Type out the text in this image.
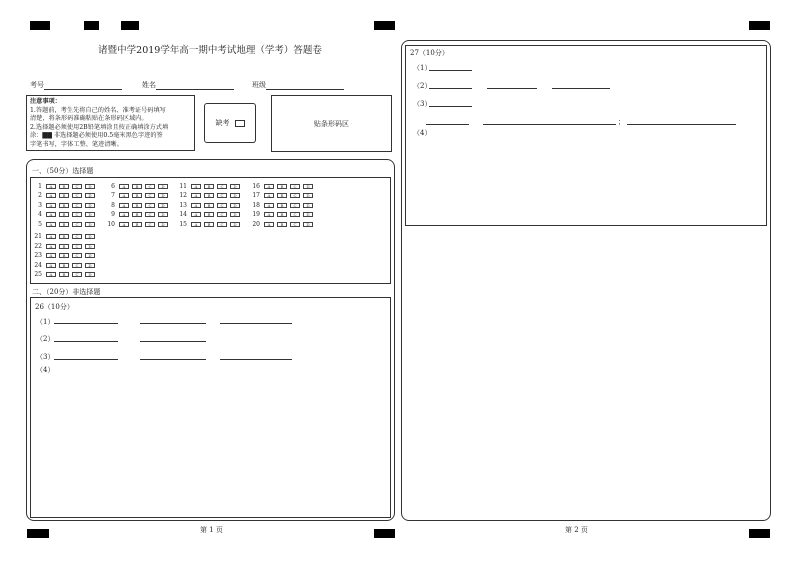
诸暨中学2019学年高一期中考试地理（学考）答题卷
考号	姓名	班级
注意事项：
1.答题前，考生先将自己的姓名、准考证号码填写
清楚，将条形码准确粘贴在条形码区域内。
2.选择题必须使用2B铅笔填涂且按正确填涂方式填
涂：▇▇ 非选择题必须使用0.5毫米黑色字迹的签
字笔书写，字体工整、笔迹清晰。
缺考	贴条形码区
一、（50分）选择题
1	A	B	C	D
2	A	B	C	D
3	A	B	C	D
4	A	B	C	D
5	A	B	C	D
21	A	B	C	D
22	A	B	C	D
23	A	B	C	D
24	A	B	C	D
25	A	B	C	D
6	A	B	C	D
7	A	B	C	D
8	A	B	C	D
9	A	B	C	D
10	A	B	C	D
11	A	B	C	D
12	A	B	C	D
13	A	B	C	D
14	A	B	C	D
15	A	B	C	D
16	A	B	C	D
17	A	B	C	D
18	A	B	C	D
19	A	B	C	D
20	A	B	C	D
二、（20分）非选择题
26（10分）
（1）
（2）
（3）
（4）
27（10分）
（1）
（2）
（3）
；
（4）
第 1 页	第 2 页
